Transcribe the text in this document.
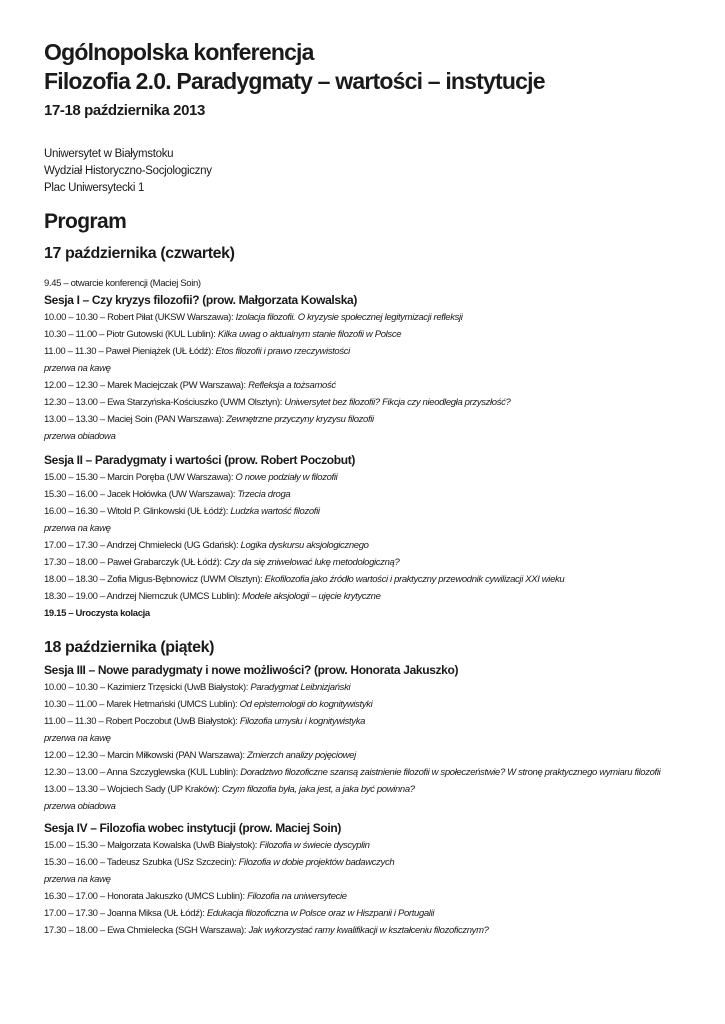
Ogólnopolska konferencja
Filozofia 2.0. Paradygmaty – wartości – instytucje
17-18 października 2013
Uniwersytet w Białymstoku
Wydział Historyczno-Socjologiczny
Plac Uniwersytecki 1
Program
17 października (czwartek)
9.45 – otwarcie konferencji (Maciej Soin)
Sesja I – Czy kryzys filozofii? (prow. Małgorzata Kowalska)
10.00 – 10.30 – Robert Piłat (UKSW Warszawa): Izolacja filozofii. O kryzysie społecznej legitymizacji refleksji
10.30 – 11.00 – Piotr Gutowski (KUL Lublin): Kilka uwag o aktualnym stanie filozofii w Polsce
11.00 – 11.30 – Paweł Pieniążek (UŁ Łódź): Etos filozofii i prawo rzeczywistości
przerwa na kawę
12.00 – 12.30 – Marek Maciejczak (PW Warszawa): Refleksja a tożsamość
12.30 – 13.00 – Ewa Starzyńska-Kościuszko (UWM Olsztyn): Uniwersytet bez filozofii? Fikcja czy nieodległa przyszłość?
13.00 – 13.30 – Maciej Soin (PAN Warszawa): Zewnętrzne przyczyny kryzysu filozofii
przerwa obiadowa
Sesja II – Paradygmaty i wartości (prow. Robert Poczobut)
15.00 – 15.30 – Marcin Poręba (UW Warszawa): O nowe podziały w filozofii
15.30 – 16.00 – Jacek Hołówka (UW Warszawa): Trzecia droga
16.00 – 16.30 – Witold P. Glinkowski (UŁ Łódź): Ludzka wartość filozofii
przerwa na kawę
17.00 – 17.30 – Andrzej Chmielecki (UG Gdańsk): Logika dyskursu aksjologicznego
17.30 – 18.00 – Paweł Grabarczyk (UŁ Łódź): Czy da się zniwelować lukę metodologiczną?
18.00 – 18.30 – Zofia Migus-Bębnowicz (UWM Olsztyn): Ekofilozofia jako źródło wartości i praktyczny przewodnik cywilizacji XXI wieku
18.30 – 19.00 – Andrzej Niemczuk (UMCS Lublin): Modele aksjologii – ujęcie krytyczne
19.15 – Uroczysta kolacja
18 października (piątek)
Sesja III – Nowe paradygmaty i nowe możliwości? (prow. Honorata Jakuszko)
10.00 – 10.30 – Kazimierz Trzęsicki (UwB Białystok): Paradygmat Leibnizjański
10.30 – 11.00 – Marek Hetmański (UMCS Lublin): Od epistemologii do kognitywistyki
11.00 – 11.30 – Robert Poczobut (UwB Białystok): Filozofia umysłu i kognitywistyka
przerwa na kawę
12.00 – 12.30 – Marcin Miłkowski (PAN Warszawa): Zmierzch analizy pojęciowej
12.30 – 13.00 – Anna Szczyglewska (KUL Lublin): Doradztwo filozoficzne szansą zaistnienie filozofii w społeczeństwie? W stronę praktycznego wymiaru filozofii
13.00 – 13.30 – Wojciech Sady (UP Kraków): Czym filozofia była, jaka jest, a jaka być powinna?
przerwa obiadowa
Sesja IV – Filozofia wobec instytucji (prow. Maciej Soin)
15.00 – 15.30 – Małgorzata Kowalska (UwB Białystok): Filozofia w świecie dyscyplin
15.30 – 16.00 – Tadeusz Szubka (USz Szczecin): Filozofia w dobie projektów badawczych
przerwa na kawę
16.30 – 17.00 – Honorata Jakuszko (UMCS Lublin): Filozofia na uniwersytecie
17.00 – 17.30 – Joanna Miksa (UŁ Łódź): Edukacja filozoficzna w Polsce oraz w Hiszpanii i Portugalii
17.30 – 18.00 – Ewa Chmielecka (SGH Warszawa): Jak wykorzystać ramy kwalifikacji w kształceniu filozoficznym?
